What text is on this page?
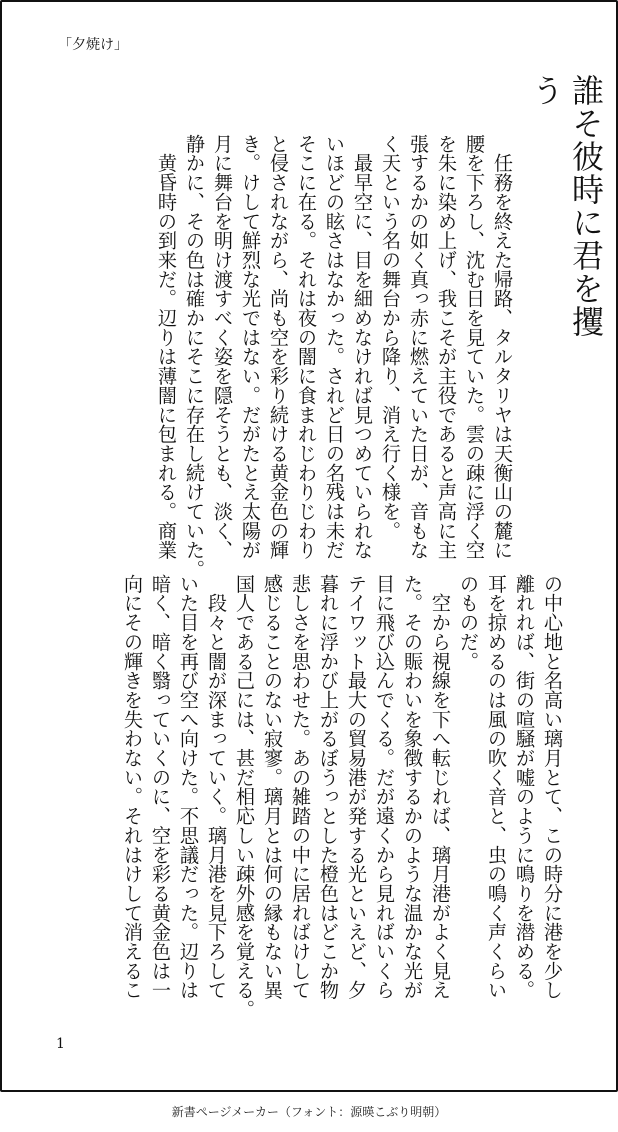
「夕焼け」
誰そ彼時に君を攫う
　任務を終えた帰路、タルタリヤは天衡山の麓に
腰を下ろし、沈む日を見ていた。雲の疎に浮く空
を朱に染め上げ、我こそが主役であると声高に主
張するかの如く真っ赤に燃えていた日が、音もな
く天という名の舞台から降り、消え行く様を。
　最早空に、目を細めなければ見つめていられな
いほどの眩さはなかった。されど日の名残は未だ
そこに在る。それは夜の闇に食まれじわりじわり
と侵されながら、尚も空を彩り続ける黄金色の輝
き。けして鮮烈な光ではない。だがたとえ太陽が
月に舞台を明け渡すべく姿を隠そうとも、淡く、
静かに、その色は確かにそこに存在し続けていた。
　黄昏時の到来だ。辺りは薄闇に包まれる。商業
の中心地と名高い璃月とて、この時分に港を少し
離れれば、街の喧騒が嘘のように鳴りを潜める。
耳を掠めるのは風の吹く音と、虫の鳴く声くらい
のものだ。
　空から視線を下へ転じれば、璃月港がよく見え
た。その賑わいを象徴するかのような温かな光が
目に飛び込んでくる。だが遠くから見ればいくら
テイワット最大の貿易港が発する光といえど、夕
暮れに浮かび上がるぼうっとした橙色はどこか物
悲しさを思わせた。あの雑踏の中に居ればけして
感じることのない寂寥。璃月とは何の縁もない異
国人である己には、甚だ相応しい疎外感を覚える。
　段々と闇が深まっていく。璃月港を見下ろして
いた目を再び空へ向けた。不思議だった。辺りは
暗く、暗く翳っていくのに、空を彩る黄金色は一
向にその輝きを失わない。それはけして消えるこ
1
新書ページメーカー（フォント：源暎こぶり明朝）
